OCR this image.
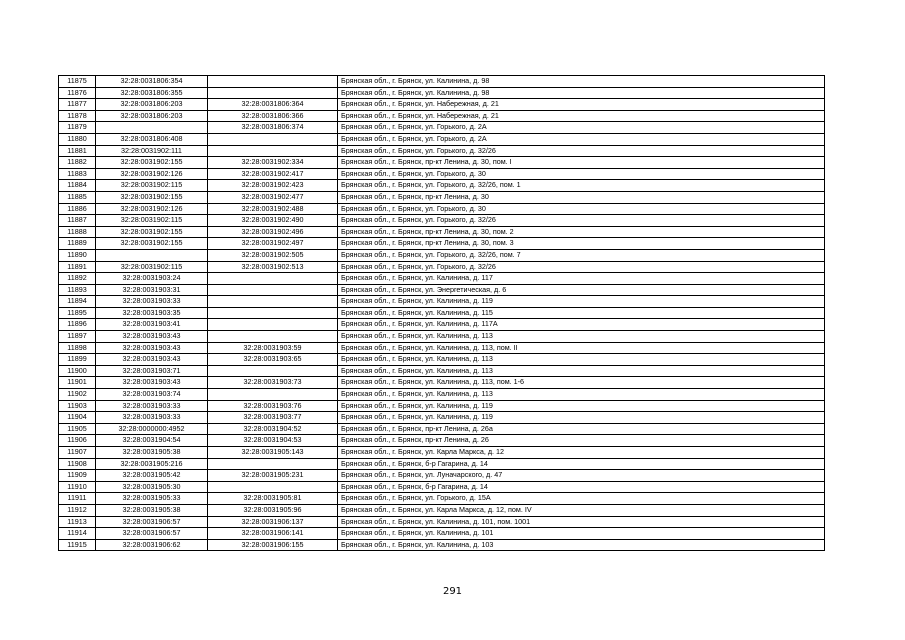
11875	32:28:0031806:354		Брянская обл., г. Брянск, ул. Калинина, д. 98
11876	32:28:0031806:355		Брянская обл., г. Брянск, ул. Калинина, д. 98
11877	32:28:0031806:203	32:28:0031806:364	Брянская обл., г. Брянск, ул. Набережная, д. 21
11878	32:28:0031806:203	32:28:0031806:366	Брянская обл., г. Брянск, ул. Набережная, д. 21
11879		32:28:0031806:374	Брянская обл., г. Брянск, ул. Горького, д. 2А
11880	32:28:0031806:408		Брянская обл., г. Брянск, ул. Горького, д. 2А
11881	32:28:0031902:111		Брянская обл., г. Брянск, ул. Горького, д. 32/26
11882	32:28:0031902:155	32:28:0031902:334	Брянская обл., г. Брянск, пр-кт Ленина, д. 30, пом. I
11883	32:28:0031902:126	32:28:0031902:417	Брянская обл., г. Брянск, ул. Горького, д. 30
11884	32:28:0031902:115	32:28:0031902:423	Брянская обл., г. Брянск, ул. Горького, д. 32/26, пом. 1
11885	32:28:0031902:155	32:28:0031902:477	Брянская обл., г. Брянск, пр-кт Ленина, д. 30
11886	32:28:0031902:126	32:28:0031902:488	Брянская обл., г. Брянск, ул. Горького, д. 30
11887	32:28:0031902:115	32:28:0031902:490	Брянская обл., г. Брянск, ул. Горького, д. 32/26
11888	32:28:0031902:155	32:28:0031902:496	Брянская обл., г. Брянск, пр-кт Ленина, д. 30, пом. 2
11889	32:28:0031902:155	32:28:0031902:497	Брянская обл., г. Брянск, пр-кт Ленина, д. 30, пом. 3
11890		32:28:0031902:505	Брянская обл., г. Брянск, ул. Горького, д. 32/26, пом. 7
11891	32:28:0031902:115	32:28:0031902:513	Брянская обл., г. Брянск, ул. Горького, д. 32/26
11892	32:28:0031903:24		Брянская обл., г. Брянск, ул. Калинина, д. 117
11893	32:28:0031903:31		Брянская обл., г. Брянск, ул. Энергетическая, д. 6
11894	32:28:0031903:33		Брянская обл., г. Брянск, ул. Калинина, д. 119
11895	32:28:0031903:35		Брянская обл., г. Брянск, ул. Калинина, д. 115
11896	32:28:0031903:41		Брянская обл., г. Брянск, ул. Калинина, д. 117А
11897	32:28:0031903:43		Брянская обл., г. Брянск, ул. Калинина, д. 113
11898	32:28:0031903:43	32:28:0031903:59	Брянская обл., г. Брянск, ул. Калинина, д. 113, пом. II
11899	32:28:0031903:43	32:28:0031903:65	Брянская обл., г. Брянск, ул. Калинина, д. 113
11900	32:28:0031903:71		Брянская обл., г. Брянск, ул. Калинина, д. 113
11901	32:28:0031903:43	32:28:0031903:73	Брянская обл., г. Брянск, ул. Калинина, д. 113, пом. 1-6
11902	32:28:0031903:74		Брянская обл., г. Брянск, ул. Калинина, д. 113
11903	32:28:0031903:33	32:28:0031903:76	Брянская обл., г. Брянск, ул. Калинина, д. 119
11904	32:28:0031903:33	32:28:0031903:77	Брянская обл., г. Брянск, ул. Калинина, д. 119
11905	32:28:0000000:4952	32:28:0031904:52	Брянская обл., г. Брянск, пр-кт Ленина, д. 26а
11906	32:28:0031904:54	32:28:0031904:53	Брянская обл., г. Брянск, пр-кт Ленина, д. 26
11907	32:28:0031905:38	32:28:0031905:143	Брянская обл., г. Брянск, ул. Карла Маркса, д. 12
11908	32:28:0031905:216		Брянская обл., г. Брянск, б-р Гагарина, д. 14
11909	32:28:0031905:42	32:28:0031905:231	Брянская обл., г. Брянск, ул. Луначарского, д. 47
11910	32:28:0031905:30		Брянская обл., г. Брянск, б-р Гагарина, д. 14
11911	32:28:0031905:33	32:28:0031905:81	Брянская обл., г. Брянск, ул. Горького, д. 15А
11912	32:28:0031905:38	32:28:0031905:96	Брянская обл., г. Брянск, ул. Карла Маркса, д. 12, пом. IV
11913	32:28:0031906:57	32:28:0031906:137	Брянская обл., г. Брянск, ул. Калинина, д. 101, пом. 1001
11914	32:28:0031906:57	32:28:0031906:141	Брянская обл., г. Брянск, ул. Калинина, д. 101
11915	32:28:0031906:62	32:28:0031906:155	Брянская обл., г. Брянск, ул. Калинина, д. 103
291
